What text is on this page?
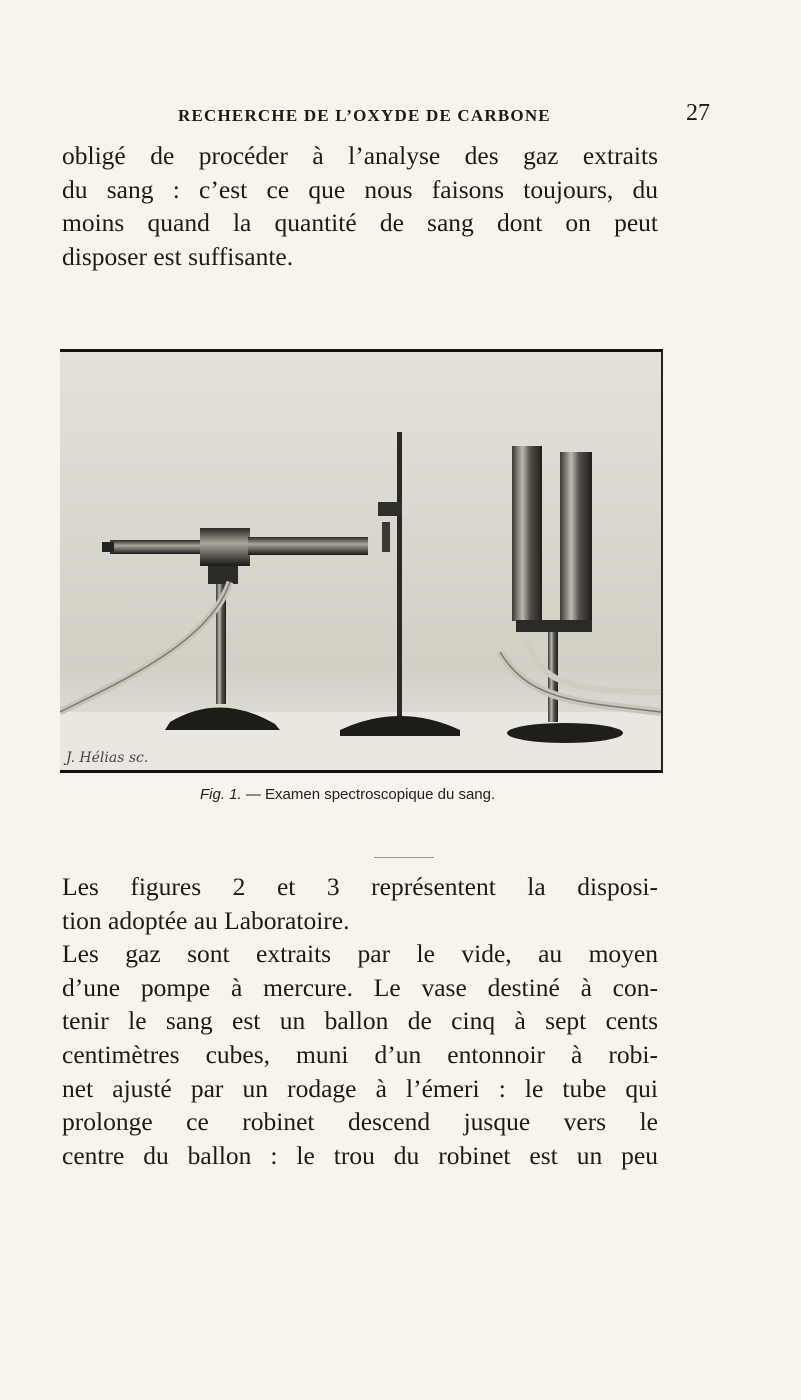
RECHERCHE DE L’OXYDE DE CARBONE	27

obligé de procéder à l’analyse des gaz extraits
du sang : c’est ce que nous faisons toujours, du
moins quand la quantité de sang dont on peut
disposer est suffisante.

J. Hélias sc.
Fig. 1. — Examen spectroscopique du sang.

Les figures 2 et 3 représentent la disposi-
tion adoptée au Laboratoire.
Les gaz sont extraits par le vide, au moyen
d’une pompe à mercure. Le vase destiné à con-
tenir le sang est un ballon de cinq à sept cents
centimètres cubes, muni d’un entonnoir à robi-
net ajusté par un rodage à l’émeri : le tube qui
prolonge ce robinet descend jusque vers le
centre du ballon : le trou du robinet est un peu
